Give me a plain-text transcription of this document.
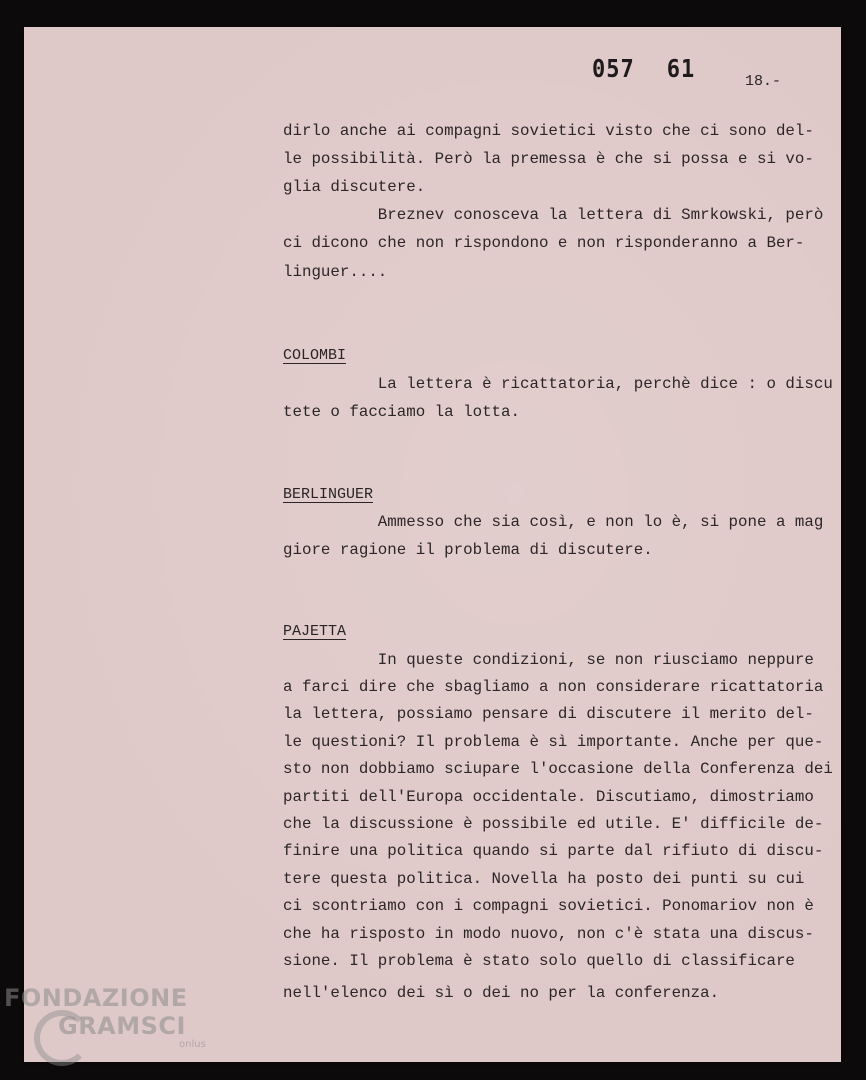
057 61	18.-
dirlo anche ai compagni sovietici visto che ci sono del-
le possibilità. Però la premessa è che si possa e si vo-
glia discutere.
Breznev conosceva la lettera di Smrkowski, però
ci dicono che non rispondono e non risponderanno a Ber-
linguer....
COLOMBI
La lettera è ricattatoria, perchè dice : o discu
tete o facciamo la lotta.
BERLINGUER
Ammesso che sia così, e non lo è, si pone a mag
giore ragione il problema di discutere.
PAJETTA
In queste condizioni, se non riusciamo neppure
a farci dire che sbagliamo a non considerare ricattatoria
la lettera, possiamo pensare di discutere il merito del-
le questioni? Il problema è sì importante. Anche per que-
sto non dobbiamo sciupare l'occasione della Conferenza dei
partiti dell'Europa occidentale. Discutiamo, dimostriamo
che la discussione è possibile ed utile. E' difficile de-
finire una politica quando si parte dal rifiuto di discu-
tere questa politica. Novella ha posto dei punti su cui
ci scontriamo con i compagni sovietici. Ponomariov non è
che ha risposto in modo nuovo, non c'è stata una discus-
sione. Il problema è stato solo quello di classificare
nell'elenco dei sì o dei no per la conferenza.
FONDAZIONE
GRAMSCI
onlus
